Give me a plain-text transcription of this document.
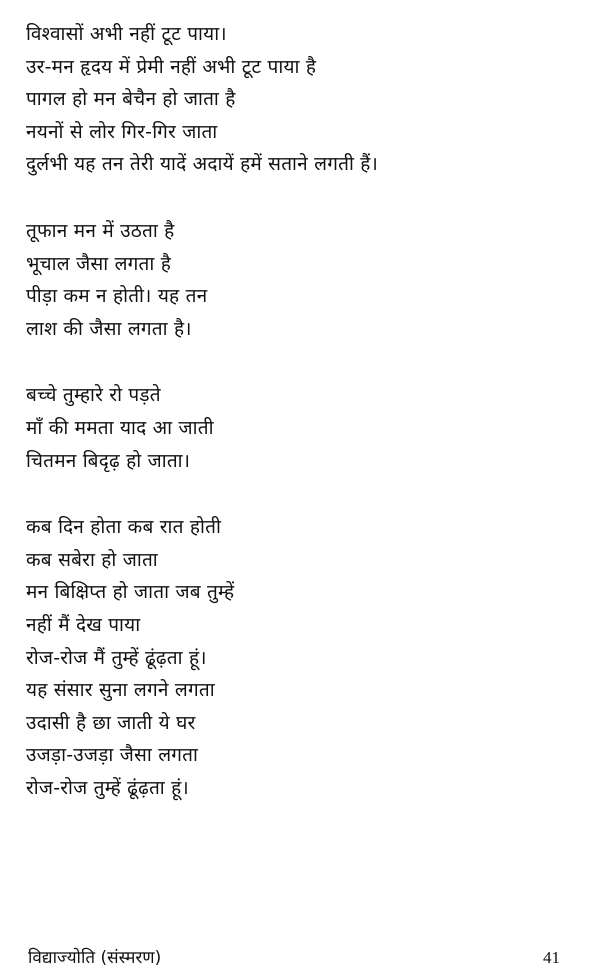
विश्वासों अभी नहीं टूट पाया।
उर-मन हृदय में प्रेमी नहीं अभी टूट पाया है
पागल हो मन बेचैन हो जाता है
नयनों से लोर गिर-गिर जाता
दुर्लभी यह तन तेरी यादें अदायें हमें सताने लगती हैं।
तूफान मन में उठता है
भूचाल जैसा लगता है
पीड़ा कम न होती। यह तन
लाश की जैसा लगता है।
बच्चे तुम्हारे रो पड़ते
माँ की ममता याद आ जाती
चितमन बिदृढ़ हो जाता।
कब दिन होता कब रात होती
कब सबेरा हो जाता
मन बिक्षिप्त हो जाता जब तुम्हें
नहीं मैं देख पाया
रोज-रोज मैं तुम्हें ढूंढ़ता हूं।
यह संसार सुना लगने लगता
उदासी है छा जाती ये घर
उजड़ा-उजड़ा जैसा लगता
रोज-रोज तुम्हें ढूंढ़ता हूं।
विद्याज्योति (संस्मरण)	41
